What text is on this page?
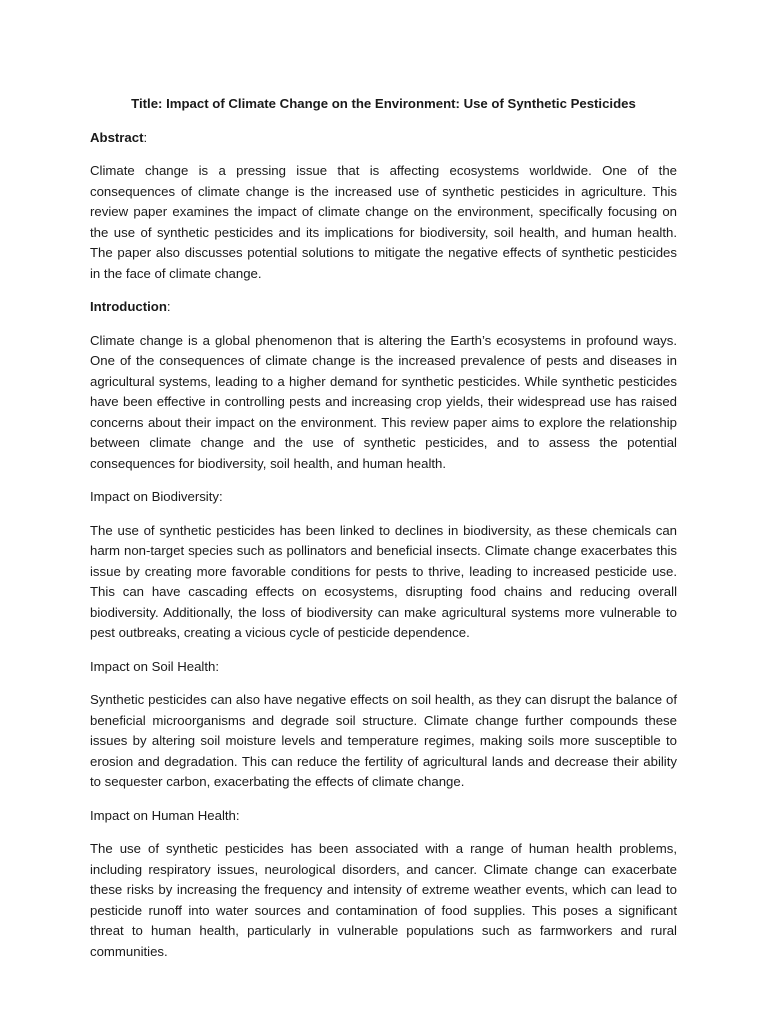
Title: Impact of Climate Change on the Environment: Use of Synthetic Pesticides

Abstract:

Climate change is a pressing issue that is affecting ecosystems worldwide. One of the consequences of climate change is the increased use of synthetic pesticides in agriculture. This review paper examines the impact of climate change on the environment, specifically focusing on the use of synthetic pesticides and its implications for biodiversity, soil health, and human health. The paper also discusses potential solutions to mitigate the negative effects of synthetic pesticides in the face of climate change.

Introduction:

Climate change is a global phenomenon that is altering the Earth’s ecosystems in profound ways. One of the consequences of climate change is the increased prevalence of pests and diseases in agricultural systems, leading to a higher demand for synthetic pesticides. While synthetic pesticides have been effective in controlling pests and increasing crop yields, their widespread use has raised concerns about their impact on the environment. This review paper aims to explore the relationship between climate change and the use of synthetic pesticides, and to assess the potential consequences for biodiversity, soil health, and human health.

Impact on Biodiversity:

The use of synthetic pesticides has been linked to declines in biodiversity, as these chemicals can harm non-target species such as pollinators and beneficial insects. Climate change exacerbates this issue by creating more favorable conditions for pests to thrive, leading to increased pesticide use. This can have cascading effects on ecosystems, disrupting food chains and reducing overall biodiversity. Additionally, the loss of biodiversity can make agricultural systems more vulnerable to pest outbreaks, creating a vicious cycle of pesticide dependence.

Impact on Soil Health:

Synthetic pesticides can also have negative effects on soil health, as they can disrupt the balance of beneficial microorganisms and degrade soil structure. Climate change further compounds these issues by altering soil moisture levels and temperature regimes, making soils more susceptible to erosion and degradation. This can reduce the fertility of agricultural lands and decrease their ability to sequester carbon, exacerbating the effects of climate change.

Impact on Human Health:

The use of synthetic pesticides has been associated with a range of human health problems, including respiratory issues, neurological disorders, and cancer. Climate change can exacerbate these risks by increasing the frequency and intensity of extreme weather events, which can lead to pesticide runoff into water sources and contamination of food supplies. This poses a significant threat to human health, particularly in vulnerable populations such as farmworkers and rural communities.
